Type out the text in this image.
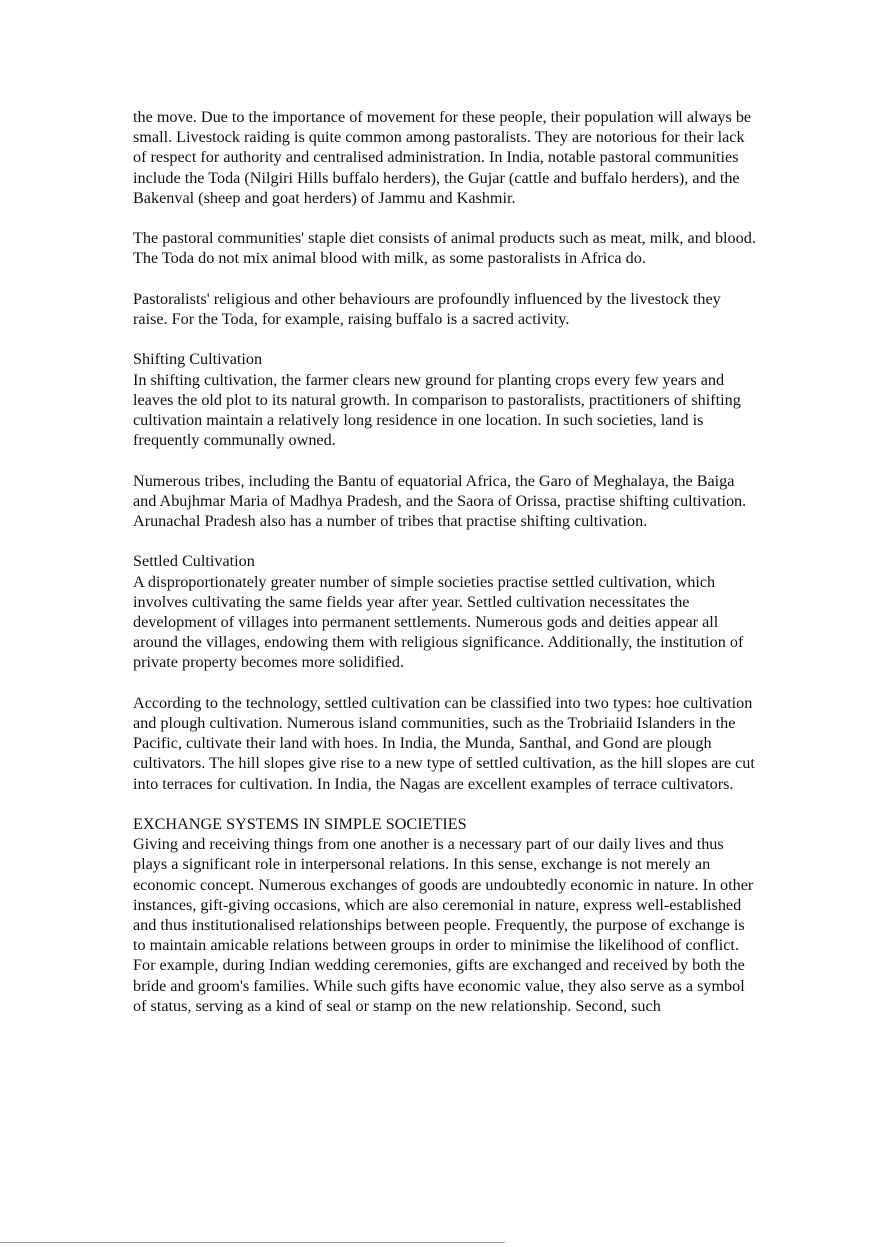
the move. Due to the importance of movement for these people, their population will always be small. Livestock raiding is quite common among pastoralists. They are notorious for their lack of respect for authority and centralised administration. In India, notable pastoral communities include the Toda (Nilgiri Hills buffalo herders), the Gujar (cattle and buffalo herders), and the Bakenval (sheep and goat herders) of Jammu and Kashmir.

The pastoral communities' staple diet consists of animal products such as meat, milk, and blood. The Toda do not mix animal blood with milk, as some pastoralists in Africa do.

Pastoralists' religious and other behaviours are profoundly influenced by the livestock they raise. For the Toda, for example, raising buffalo is a sacred activity.

Shifting Cultivation

In shifting cultivation, the farmer clears new ground for planting crops every few years and leaves the old plot to its natural growth. In comparison to pastoralists, practitioners of shifting cultivation maintain a relatively long residence in one location. In such societies, land is frequently communally owned.

Numerous tribes, including the Bantu of equatorial Africa, the Garo of Meghalaya, the Baiga and Abujhmar Maria of Madhya Pradesh, and the Saora of Orissa, practise shifting cultivation. Arunachal Pradesh also has a number of tribes that practise shifting cultivation.

Settled Cultivation

A disproportionately greater number of simple societies practise settled cultivation, which involves cultivating the same fields year after year. Settled cultivation necessitates the development of villages into permanent settlements. Numerous gods and deities appear all around the villages, endowing them with religious significance. Additionally, the institution of private property becomes more solidified.

According to the technology, settled cultivation can be classified into two types: hoe cultivation and plough cultivation. Numerous island communities, such as the Trobriaiid Islanders in the Pacific, cultivate their land with hoes. In India, the Munda, Santhal, and Gond are plough cultivators. The hill slopes give rise to a new type of settled cultivation, as the hill slopes are cut into terraces for cultivation. In India, the Nagas are excellent examples of terrace cultivators.

EXCHANGE SYSTEMS IN SIMPLE SOCIETIES

Giving and receiving things from one another is a necessary part of our daily lives and thus plays a significant role in interpersonal relations. In this sense, exchange is not merely an economic concept. Numerous exchanges of goods are undoubtedly economic in nature. In other instances, gift-giving occasions, which are also ceremonial in nature, express well-established and thus institutionalised relationships between people. Frequently, the purpose of exchange is to maintain amicable relations between groups in order to minimise the likelihood of conflict. For example, during Indian wedding ceremonies, gifts are exchanged and received by both the bride and groom's families. While such gifts have economic value, they also serve as a symbol of status, serving as a kind of seal or stamp on the new relationship. Second, such
